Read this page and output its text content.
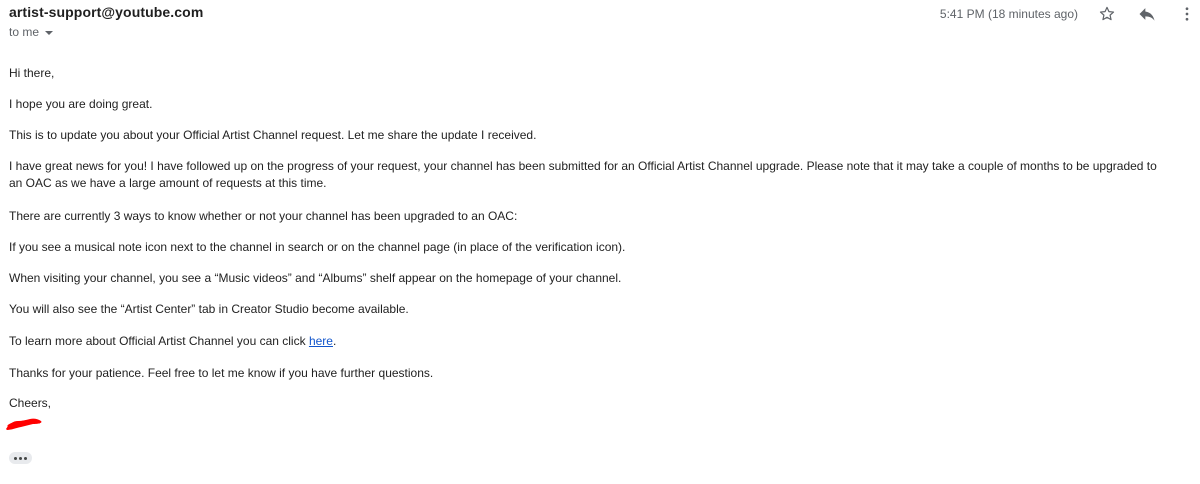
artist-support@youtube.com
to me
5:41 PM (18 minutes ago)

Hi there,

I hope you are doing great.

This is to update you about your Official Artist Channel request. Let me share the update I received.

I have great news for you! I have followed up on the progress of your request, your channel has been submitted for an Official Artist Channel upgrade. Please note that it may take a couple of months to be upgraded to an OAC as we have a large amount of requests at this time.

There are currently 3 ways to know whether or not your channel has been upgraded to an OAC:

If you see a musical note icon next to the channel in search or on the channel page (in place of the verification icon).

When visiting your channel, you see a “Music videos” and “Albums” shelf appear on the homepage of your channel.

You will also see the “Artist Center” tab in Creator Studio become available.

To learn more about Official Artist Channel you can click here.

Thanks for your patience. Feel free to let me know if you have further questions.

Cheers,
